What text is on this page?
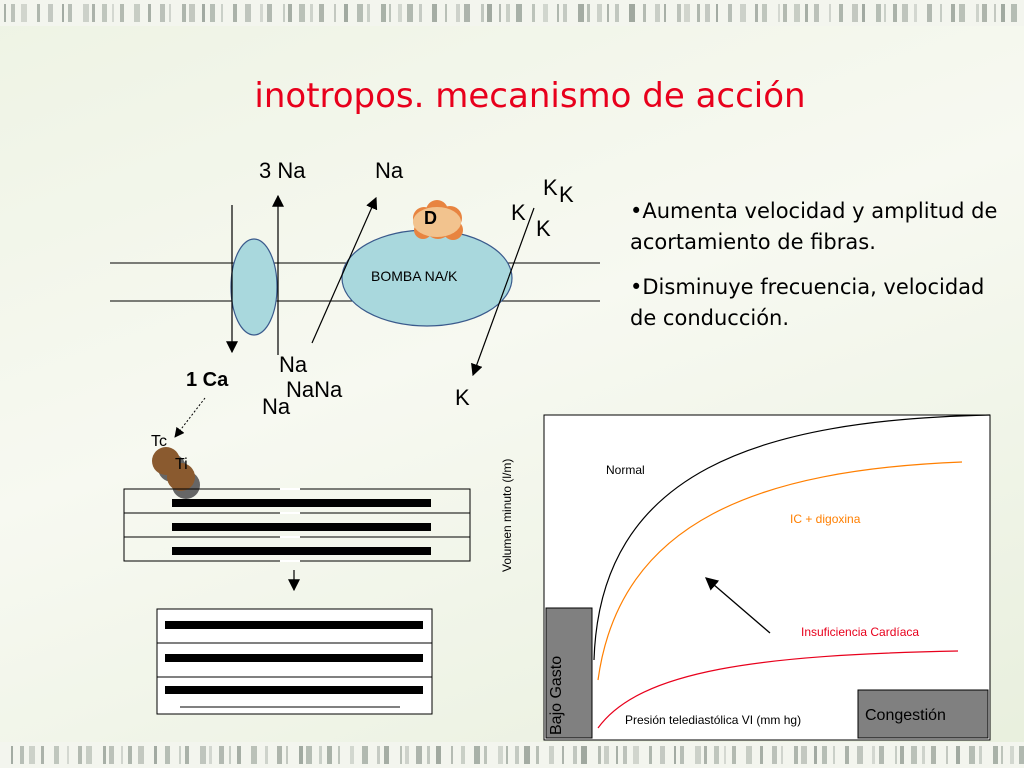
inotropos. mecanismo de acción
3 Na	Na
K K
K
K
D
BOMBA NA/K
Na
NaNa
Na	K
1 Ca
Tc
Ti

•Aumenta velocidad y amplitud de acortamiento de fibras.

•Disminuye frecuencia, velocidad de conducción.

Volumen minuto (l/m)
Bajo Gasto	Congestión
Normal
IC + digoxina
Insuficiencia Cardíaca
Presión telediastólica VI (mm hg)
